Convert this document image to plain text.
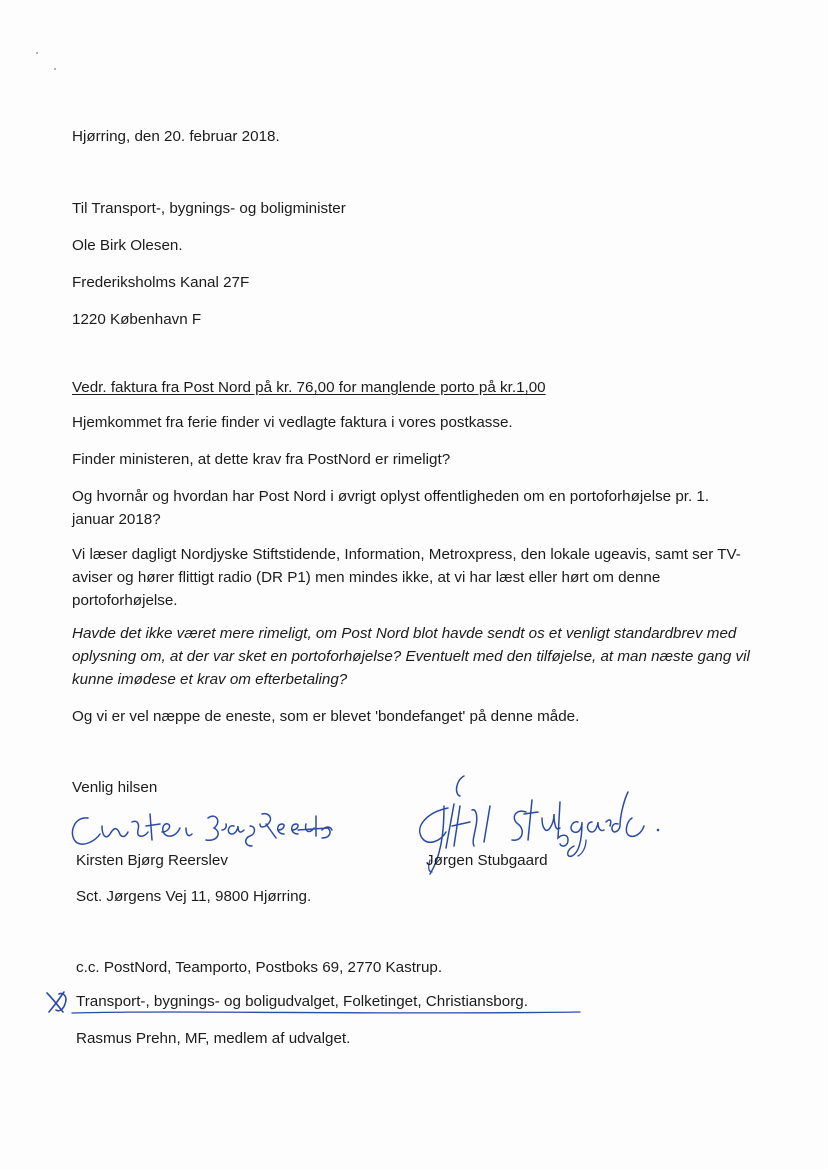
Hjørring, den 20. februar 2018.
Til Transport-, bygnings- og boligminister
Ole Birk Olesen.
Frederiksholms Kanal 27F
1220 København F
Vedr. faktura fra Post Nord på kr. 76,00 for manglende porto på kr.1,00
Hjemkommet fra ferie finder vi vedlagte faktura i vores postkasse.
Finder ministeren, at dette krav fra PostNord er rimeligt?
Og hvornår og hvordan har Post Nord i øvrigt oplyst offentligheden om en portoforhøjelse pr. 1. januar 2018?
Vi læser dagligt Nordjyske Stiftstidende, Information, Metroxpress, den lokale ugeavis, samt ser TV-aviser og hører flittigt radio (DR P1) men mindes ikke, at vi har læst eller hørt om denne portoforhøjelse.
Havde det ikke været mere rimeligt, om Post Nord blot havde sendt os et venligt standardbrev med oplysning om, at der var sket en portoforhøjelse? Eventuelt med den tilføjelse, at man næste gang vil kunne imødese et krav om efterbetaling?
Og vi er vel næppe de eneste, som er blevet 'bondefanget' på denne måde.
Venlig hilsen
Kirsten Bjørg Reerslev	Jørgen Stubgaard
Sct. Jørgens Vej 11, 9800 Hjørring.
c.c. PostNord, Teamporto, Postboks 69, 2770 Kastrup.
Transport-, bygnings- og boligudvalget, Folketinget, Christiansborg.
Rasmus Prehn, MF, medlem af udvalget.
